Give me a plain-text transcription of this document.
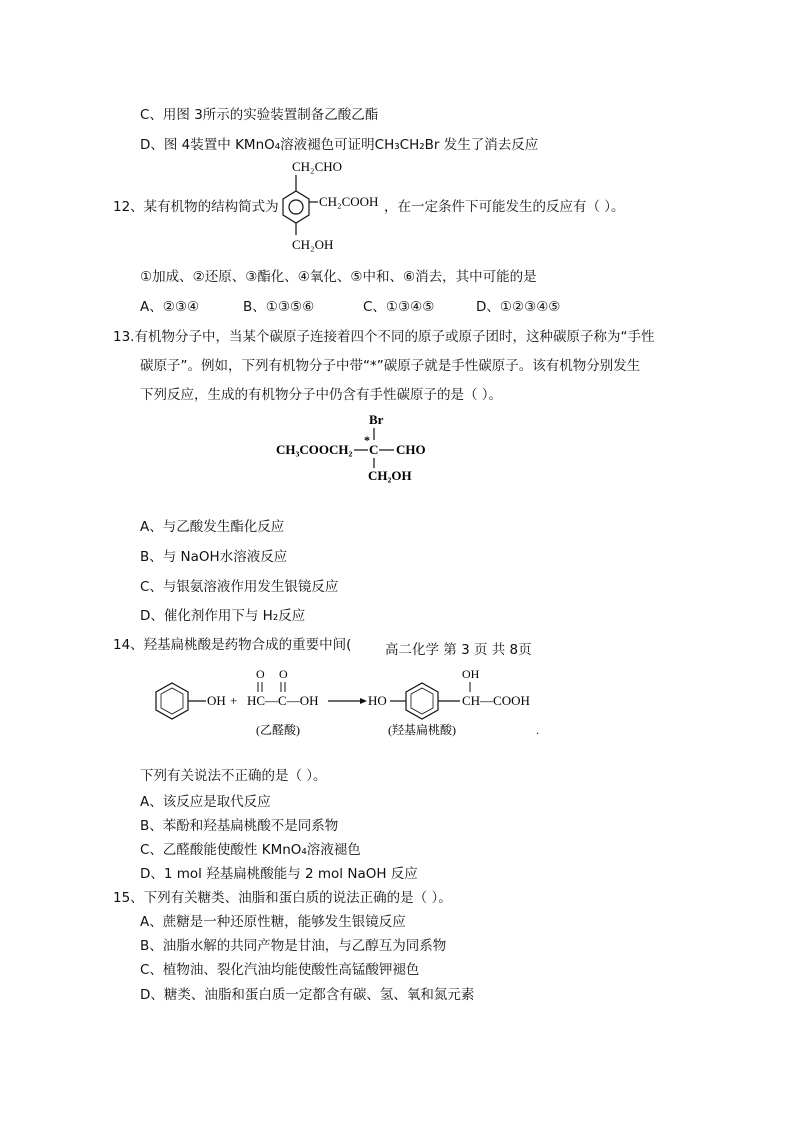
C、用图 3所示的实验装置制备乙酸乙酯
D、图 4装置中 KMnO₄溶液褪色可证明CH₃CH₂Br 发生了消去反应
12、某有机物的结构简式为
CH₂CHO
CH₂COOH
CH₂OH
，在一定条件下可能发生的反应有（ ）。
①加成、②还原、③酯化、④氧化、⑤中和、⑥消去，其中可能的是
A、②③④	B、①③⑤⑥	C、①③④⑤	D、①②③④⑤
13.有机物分子中，当某个碳原子连接着四个不同的原子或原子团时，这种碳原子称为“手性
碳原子”。例如，下列有机物分子中带“*”碳原子就是手性碳原子。该有机物分别发生
下列反应，生成的有机物分子中仍含有手性碳原子的是（ ）。
Br
CH₃COOCH₂
*
C CHO
CH₂OH
A、与乙酸发生酯化反应
B、与 NaOH水溶液反应
C、与银氨溶液作用发生银镜反应
D、催化剂作用下与 H₂反应
14、羟基扁桃酸是药物合成的重要中间( 高二化学 第 3 页 共 8页
OH +
O O
HC—C—OH	HO
OH
CH—COOH
(乙醛酸)	(羟基扁桃酸)	.
下列有关说法不正确的是（ ）。
A、该反应是取代反应
B、苯酚和羟基扁桃酸不是同系物
C、乙醛酸能使酸性 KMnO₄溶液褪色
D、1 mol 羟基扁桃酸能与 2 mol NaOH 反应
15、下列有关糖类、油脂和蛋白质的说法正确的是（ ）。
A、蔗糖是一种还原性糖，能够发生银镜反应
B、油脂水解的共同产物是甘油，与乙醇互为同系物
C、植物油、裂化汽油均能使酸性高锰酸钾褪色
D、糖类、油脂和蛋白质一定都含有碳、氢、氧和氮元素
